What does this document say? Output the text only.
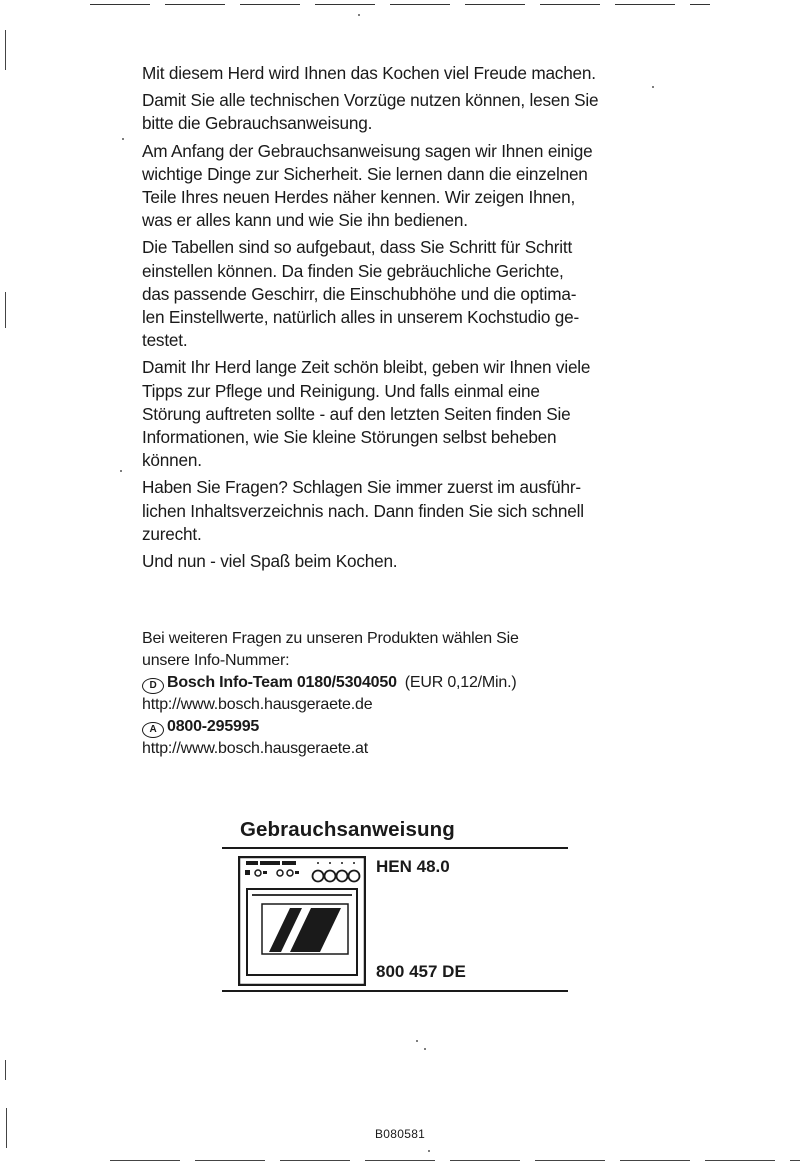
Mit diesem Herd wird Ihnen das Kochen viel Freude machen.

Damit Sie alle technischen Vorzüge nutzen können, lesen Sie
bitte die Gebrauchsanweisung.

Am Anfang der Gebrauchsanweisung sagen wir Ihnen einige
wichtige Dinge zur Sicherheit. Sie lernen dann die einzelnen
Teile Ihres neuen Herdes näher kennen. Wir zeigen Ihnen,
was er alles kann und wie Sie ihn bedienen.

Die Tabellen sind so aufgebaut, dass Sie Schritt für Schritt
einstellen können. Da finden Sie gebräuchliche Gerichte,
das passende Geschirr, die Einschubhöhe und die optima-
len Einstellwerte, natürlich alles in unserem Kochstudio ge-
testet.

Damit Ihr Herd lange Zeit schön bleibt, geben wir Ihnen viele
Tipps zur Pflege und Reinigung. Und falls einmal eine
Störung auftreten sollte - auf den letzten Seiten finden Sie
Informationen, wie Sie kleine Störungen selbst beheben
können.

Haben Sie Fragen? Schlagen Sie immer zuerst im ausführ-
lichen Inhaltsverzeichnis nach. Dann finden Sie sich schnell
zurecht.

Und nun - viel Spaß beim Kochen.

Bei weiteren Fragen zu unseren Produkten wählen Sie
unsere Info-Nummer:
D Bosch Info-Team 0180/5304050 (EUR 0,12/Min.)
http://www.bosch.hausgeraete.de
A 0800-295995
http://www.bosch.hausgeraete.at
Gebrauchsanweisung
HEN 48.0
800 457 DE
B080581
